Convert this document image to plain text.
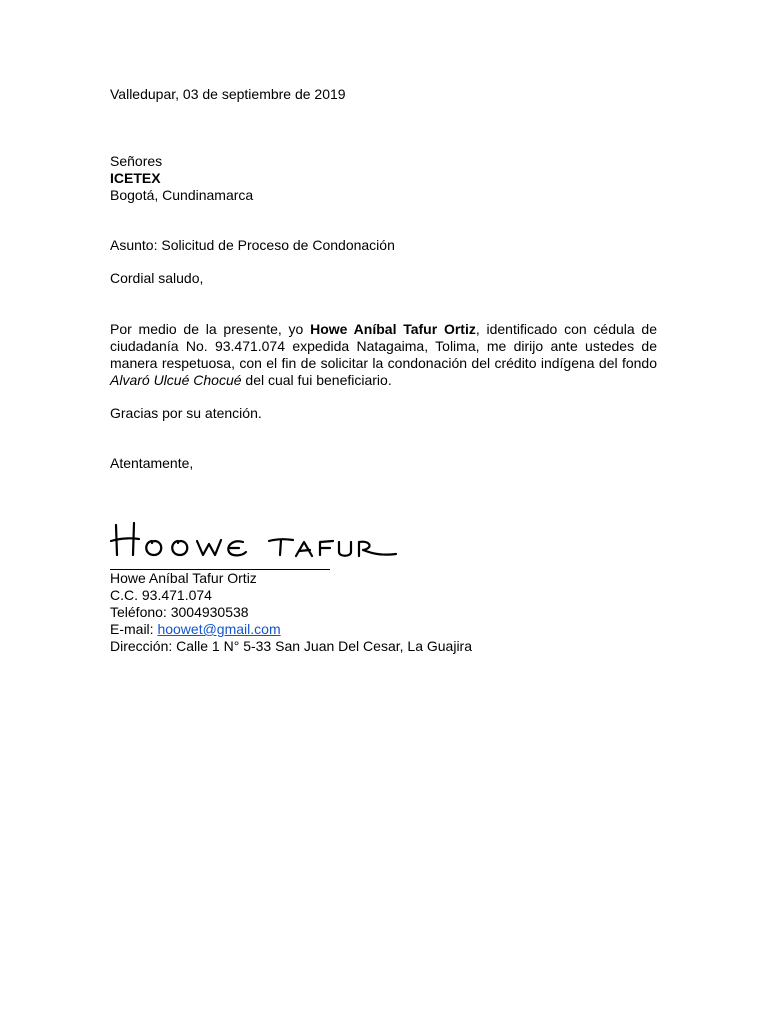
Valledupar, 03 de septiembre de 2019
Señores
ICETEX
Bogotá, Cundinamarca
Asunto: Solicitud de Proceso de Condonación
Cordial saludo,
Por medio de la presente, yo Howe Aníbal Tafur Ortiz, identificado con cédula de ciudadanía No. 93.471.074 expedida Natagaima, Tolima, me dirijo ante ustedes de manera respetuosa, con el fin de solicitar la condonación del crédito indígena del fondo Alvaró Ulcué Chocué del cual fui beneficiario.
Gracias por su atención.
Atentamente,
Howe Aníbal Tafur Ortiz
C.C. 93.471.074
Teléfono: 3004930538
E-mail: hoowet@gmail.com
Dirección: Calle 1 N° 5-33 San Juan Del Cesar, La Guajira
